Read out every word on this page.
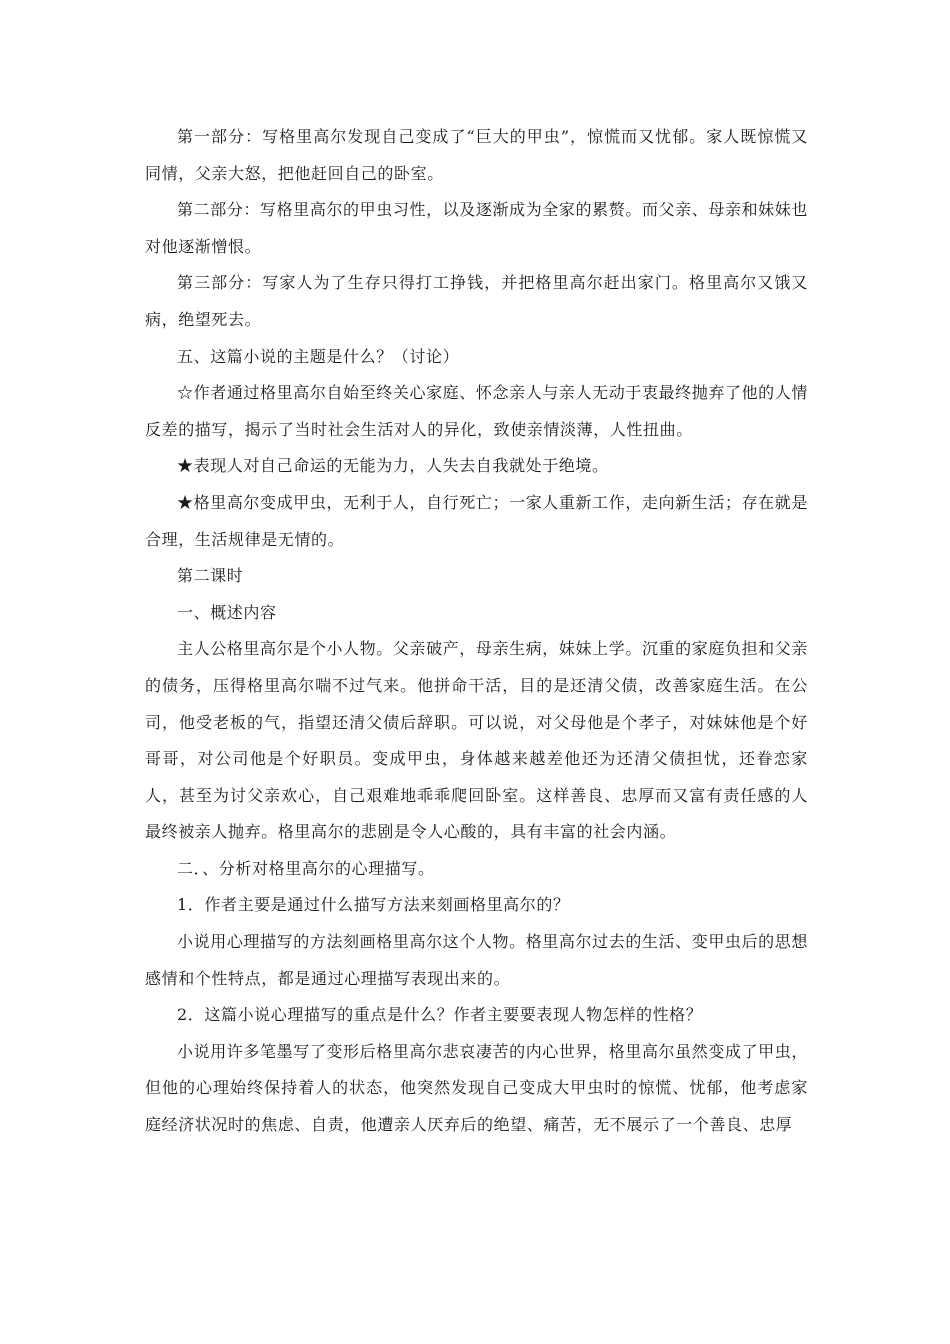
第一部分：写格里高尔发现自己变成了“巨大的甲虫”，惊慌而又忧郁。家人既惊慌又同情，父亲大怒，把他赶回自己的卧室。

第二部分：写格里高尔的甲虫习性，以及逐渐成为全家的累赘。而父亲、母亲和妹妹也对他逐渐憎恨。

第三部分：写家人为了生存只得打工挣钱，并把格里高尔赶出家门。格里高尔又饿又病，绝望死去。

五、这篇小说的主题是什么？（讨论）

☆作者通过格里高尔自始至终关心家庭、怀念亲人与亲人无动于衷最终抛弃了他的人情反差的描写，揭示了当时社会生活对人的异化，致使亲情淡薄，人性扭曲。

★表现人对自己命运的无能为力，人失去自我就处于绝境。

★格里高尔变成甲虫，无利于人，自行死亡；一家人重新工作，走向新生活；存在就是合理，生活规律是无情的。

第二课时

一、概述内容

主人公格里高尔是个小人物。父亲破产，母亲生病，妹妹上学。沉重的家庭负担和父亲的债务，压得格里高尔喘不过气来。他拼命干活，目的是还清父债，改善家庭生活。在公司，他受老板的气，指望还清父债后辞职。可以说，对父母他是个孝子，对妹妹他是个好哥哥，对公司他是个好职员。变成甲虫，身体越来越差他还为还清父债担忧，还眷恋家人，甚至为讨父亲欢心，自己艰难地乖乖爬回卧室。这样善良、忠厚而又富有责任感的人最终被亲人抛弃。格里高尔的悲剧是令人心酸的，具有丰富的社会内涵。

二．、分析对格里高尔的心理描写。

1．作者主要是通过什么描写方法来刻画格里高尔的？

小说用心理描写的方法刻画格里高尔这个人物。格里高尔过去的生活、变甲虫后的思想感情和个性特点，都是通过心理描写表现出来的。

2．这篇小说心理描写的重点是什么？作者主要要表现人物怎样的性格？

小说用许多笔墨写了变形后格里高尔悲哀凄苦的内心世界，格里高尔虽然变成了甲虫，但他的心理始终保持着人的状态，他突然发现自己变成大甲虫时的惊慌、忧郁，他考虑家庭经济状况时的焦虑、自责，他遭亲人厌弃后的绝望、痛苦，无不展示了一个善良、忠厚
